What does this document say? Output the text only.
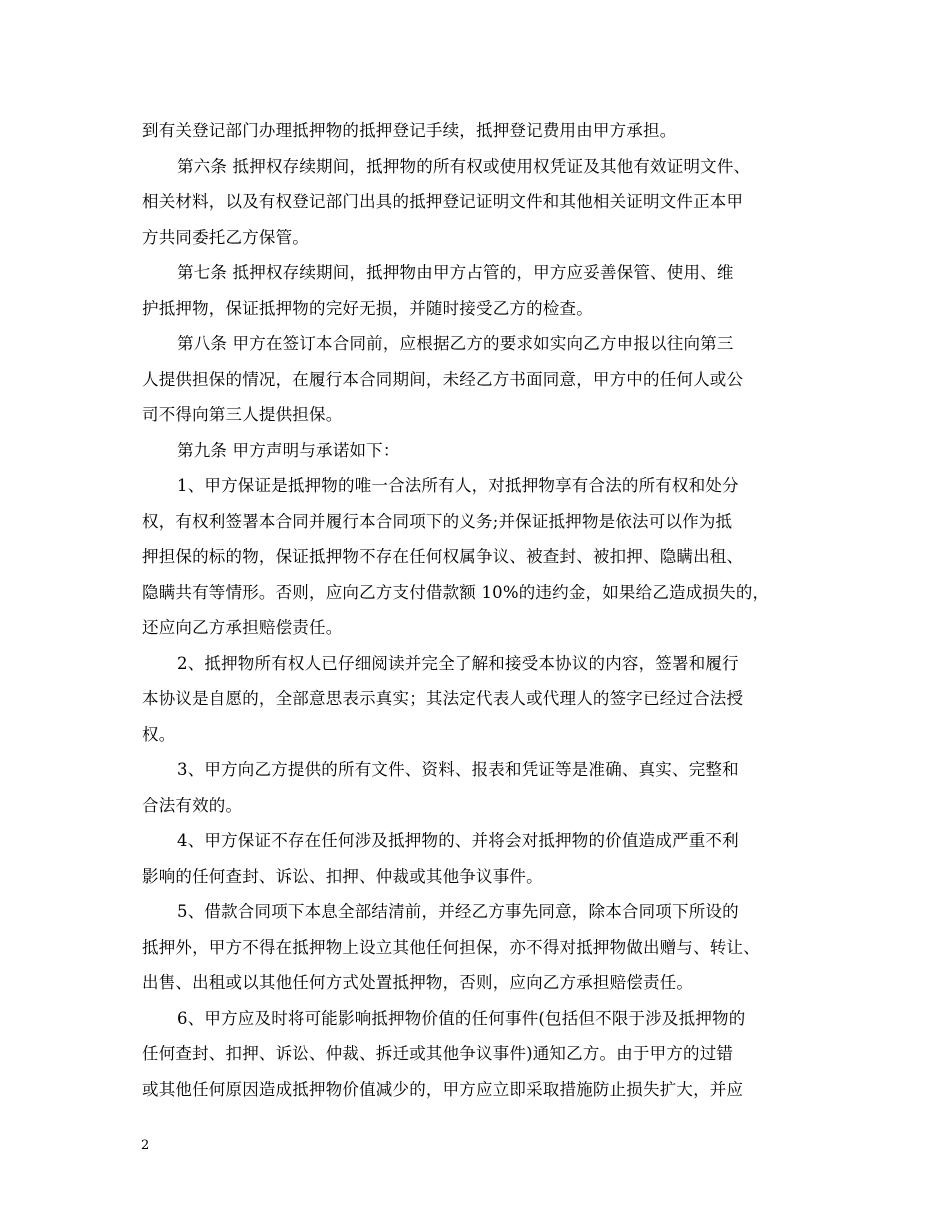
到有关登记部门办理抵押物的抵押登记手续，抵押登记费用由甲方承担。
第六条 抵押权存续期间，抵押物的所有权或使用权凭证及其他有效证明文件、
相关材料，以及有权登记部门出具的抵押登记证明文件和其他相关证明文件正本甲
方共同委托乙方保管。
第七条 抵押权存续期间，抵押物由甲方占管的，甲方应妥善保管、使用、维
护抵押物，保证抵押物的完好无损，并随时接受乙方的检查。
第八条 甲方在签订本合同前，应根据乙方的要求如实向乙方申报以往向第三
人提供担保的情况，在履行本合同期间，未经乙方书面同意，甲方中的任何人或公
司不得向第三人提供担保。
第九条 甲方声明与承诺如下：
1、甲方保证是抵押物的唯一合法所有人，对抵押物享有合法的所有权和处分
权，有权利签署本合同并履行本合同项下的义务;并保证抵押物是依法可以作为抵
押担保的标的物，保证抵押物不存在任何权属争议、被查封、被扣押、隐瞒出租、
隐瞒共有等情形。否则，应向乙方支付借款额 10%的违约金，如果给乙造成损失的，
还应向乙方承担赔偿责任。
2、抵押物所有权人已仔细阅读并完全了解和接受本协议的内容，签署和履行
本协议是自愿的，全部意思表示真实；其法定代表人或代理人的签字已经过合法授
权。
3、甲方向乙方提供的所有文件、资料、报表和凭证等是准确、真实、完整和
合法有效的。
4、甲方保证不存在任何涉及抵押物的、并将会对抵押物的价值造成严重不利
影响的任何查封、诉讼、扣押、仲裁或其他争议事件。
5、借款合同项下本息全部结清前，并经乙方事先同意，除本合同项下所设的
抵押外，甲方不得在抵押物上设立其他任何担保，亦不得对抵押物做出赠与、转让、
出售、出租或以其他任何方式处置抵押物，否则，应向乙方承担赔偿责任。
6、甲方应及时将可能影响抵押物价值的任何事件(包括但不限于涉及抵押物的
任何查封、扣押、诉讼、仲裁、拆迁或其他争议事件)通知乙方。由于甲方的过错
或其他任何原因造成抵押物价值减少的，甲方应立即采取措施防止损失扩大，并应
2
